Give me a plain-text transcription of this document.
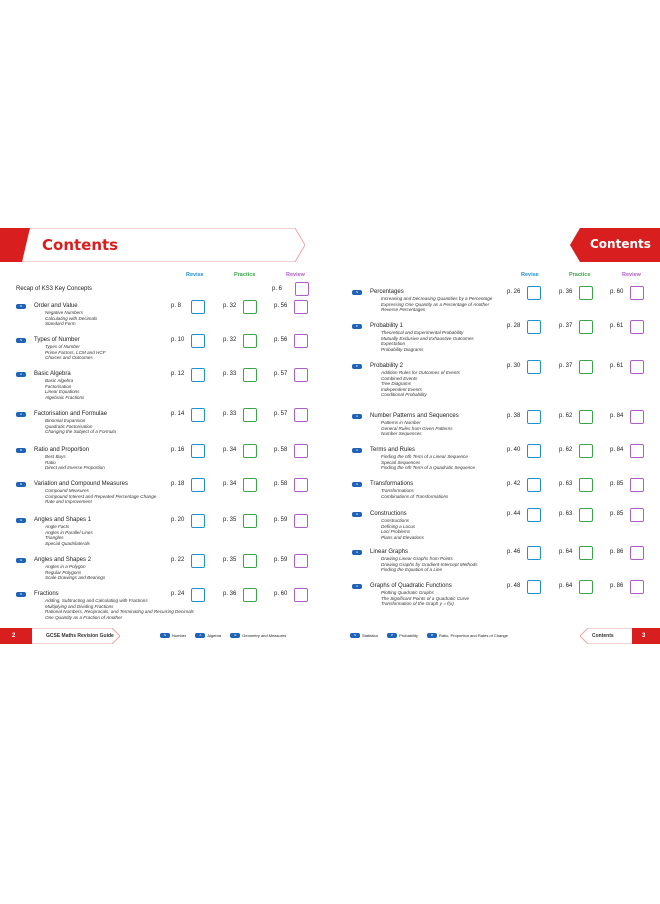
Contents	Contents
Revise	Practice	Review	Revise	Practice	Review
Recap of KS3 Key Concepts	p. 6
N	Order and Value
Negative Numbers
Calculating with Decimals
Standard Form
p. 8	p. 32	p. 56
N	Types of Number
Types of Number
Prime Factors, LCM and HCF
Choices and Outcomes
p. 10	p. 32	p. 56
A	Basic Algebra
Basic Algebra
Factorisation
Linear Equations
Algebraic Fractions
p. 12	p. 33	p. 57
A	Factorisation and Formulae
Binomial Expansion
Quadratic Factorisation
Changing the Subject of a Formula
p. 14	p. 33	p. 57
R	Ratio and Proportion
Best Buys
Ratio
Direct and Inverse Proportion
p. 16	p. 34	p. 58
R	Variation and Compound Measures
Compound Measures
Compound Interest and Repeated Percentage Change
Rate and Improvement
p. 18	p. 34	p. 58
G	Angles and Shapes 1
Angle Facts
Angles in Parallel Lines
Triangles
Special Quadrilaterals
p. 20	p. 35	p. 59
G	Angles and Shapes 2
Angles in a Polygon
Regular Polygons
Scale Drawings and Bearings
p. 22	p. 35	p. 59
N	Fractions
Adding, Subtracting and Calculating with Fractions
Multiplying and Dividing Fractions
Rational Numbers, Reciprocals, and Terminating and Recurring Decimals
One Quantity as a Fraction of Another
p. 24	p. 36	p. 60
N	Percentages
Increasing and Decreasing Quantities by a Percentage
Expressing One Quantity as a Percentage of Another
Reverse Percentages
p. 26	p. 36	p. 60
P	Probability 1
Theoretical and Experimental Probability
Mutually Exclusive and Exhaustive Outcomes
Expectation
Probability Diagrams
p. 28	p. 37	p. 61
P	Probability 2
Addition Rules for Outcomes of Events
Combined Events
Tree Diagrams
Independent Events
Conditional Probability
p. 30	p. 37	p. 61
A	Number Patterns and Sequences
Patterns in Number
General Rules from Given Patterns
Number Sequences
p. 38	p. 62	p. 84
A	Terms and Rules
Finding the nth Term of a Linear Sequence
Special Sequences
Finding the nth Term of a Quadratic Sequence
p. 40	p. 62	p. 84
G	Transformations
Transformations
Combinations of Transformations
p. 42	p. 63	p. 85
G	Constructions
Constructions
Defining a Locus
Loci Problems
Plans and Elevations
p. 44	p. 63	p. 85
A	Linear Graphs
Drawing Linear Graphs from Points
Drawing Graphs by Gradient-Intercept Methods
Finding the Equation of a Line
p. 46	p. 64	p. 86
A	Graphs of Quadratic Functions
Plotting Quadratic Graphs
The Significant Points of a Quadratic Curve
Transformation of the Graph y = f(x)
p. 48	p. 64	p. 86
2	GCSE Maths Revision Guide	N Number	A Algebra	G Geometry and Measures	S Statistics	P Probability	R Ratio, Proportion and Rates of Change	Contents	3
